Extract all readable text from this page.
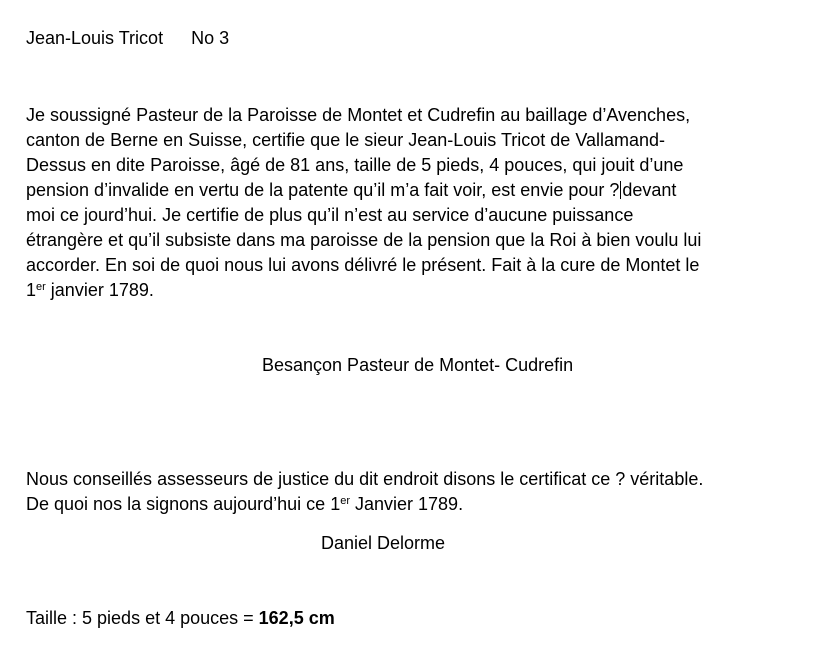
Jean-Louis Tricot No 3
Je soussigné Pasteur de la Paroisse de Montet et Cudrefin au baillage d’Avenches,
canton de Berne en Suisse, certifie que le sieur Jean-Louis Tricot de Vallamand-
Dessus en dite Paroisse, âgé de 81 ans, taille de 5 pieds, 4 pouces, qui jouit d’une
pension d’invalide en vertu de la patente qu’il m’a fait voir, est envie pour ? devant
moi ce jourd’hui. Je certifie de plus qu’il n’est au service d’aucune puissance
étrangère et qu’il subsiste dans ma paroisse de la pension que la Roi à bien voulu lui
accorder. En soi de quoi nous lui avons délivré le présent. Fait à la cure de Montet le
1er janvier 1789.
Besançon Pasteur de Montet- Cudrefin
Nous conseillés assesseurs de justice du dit endroit disons le certificat ce ? véritable.
De quoi nos la signons aujourd’hui ce 1er Janvier 1789.
Daniel Delorme
Taille : 5 pieds et 4 pouces = 162,5 cm
